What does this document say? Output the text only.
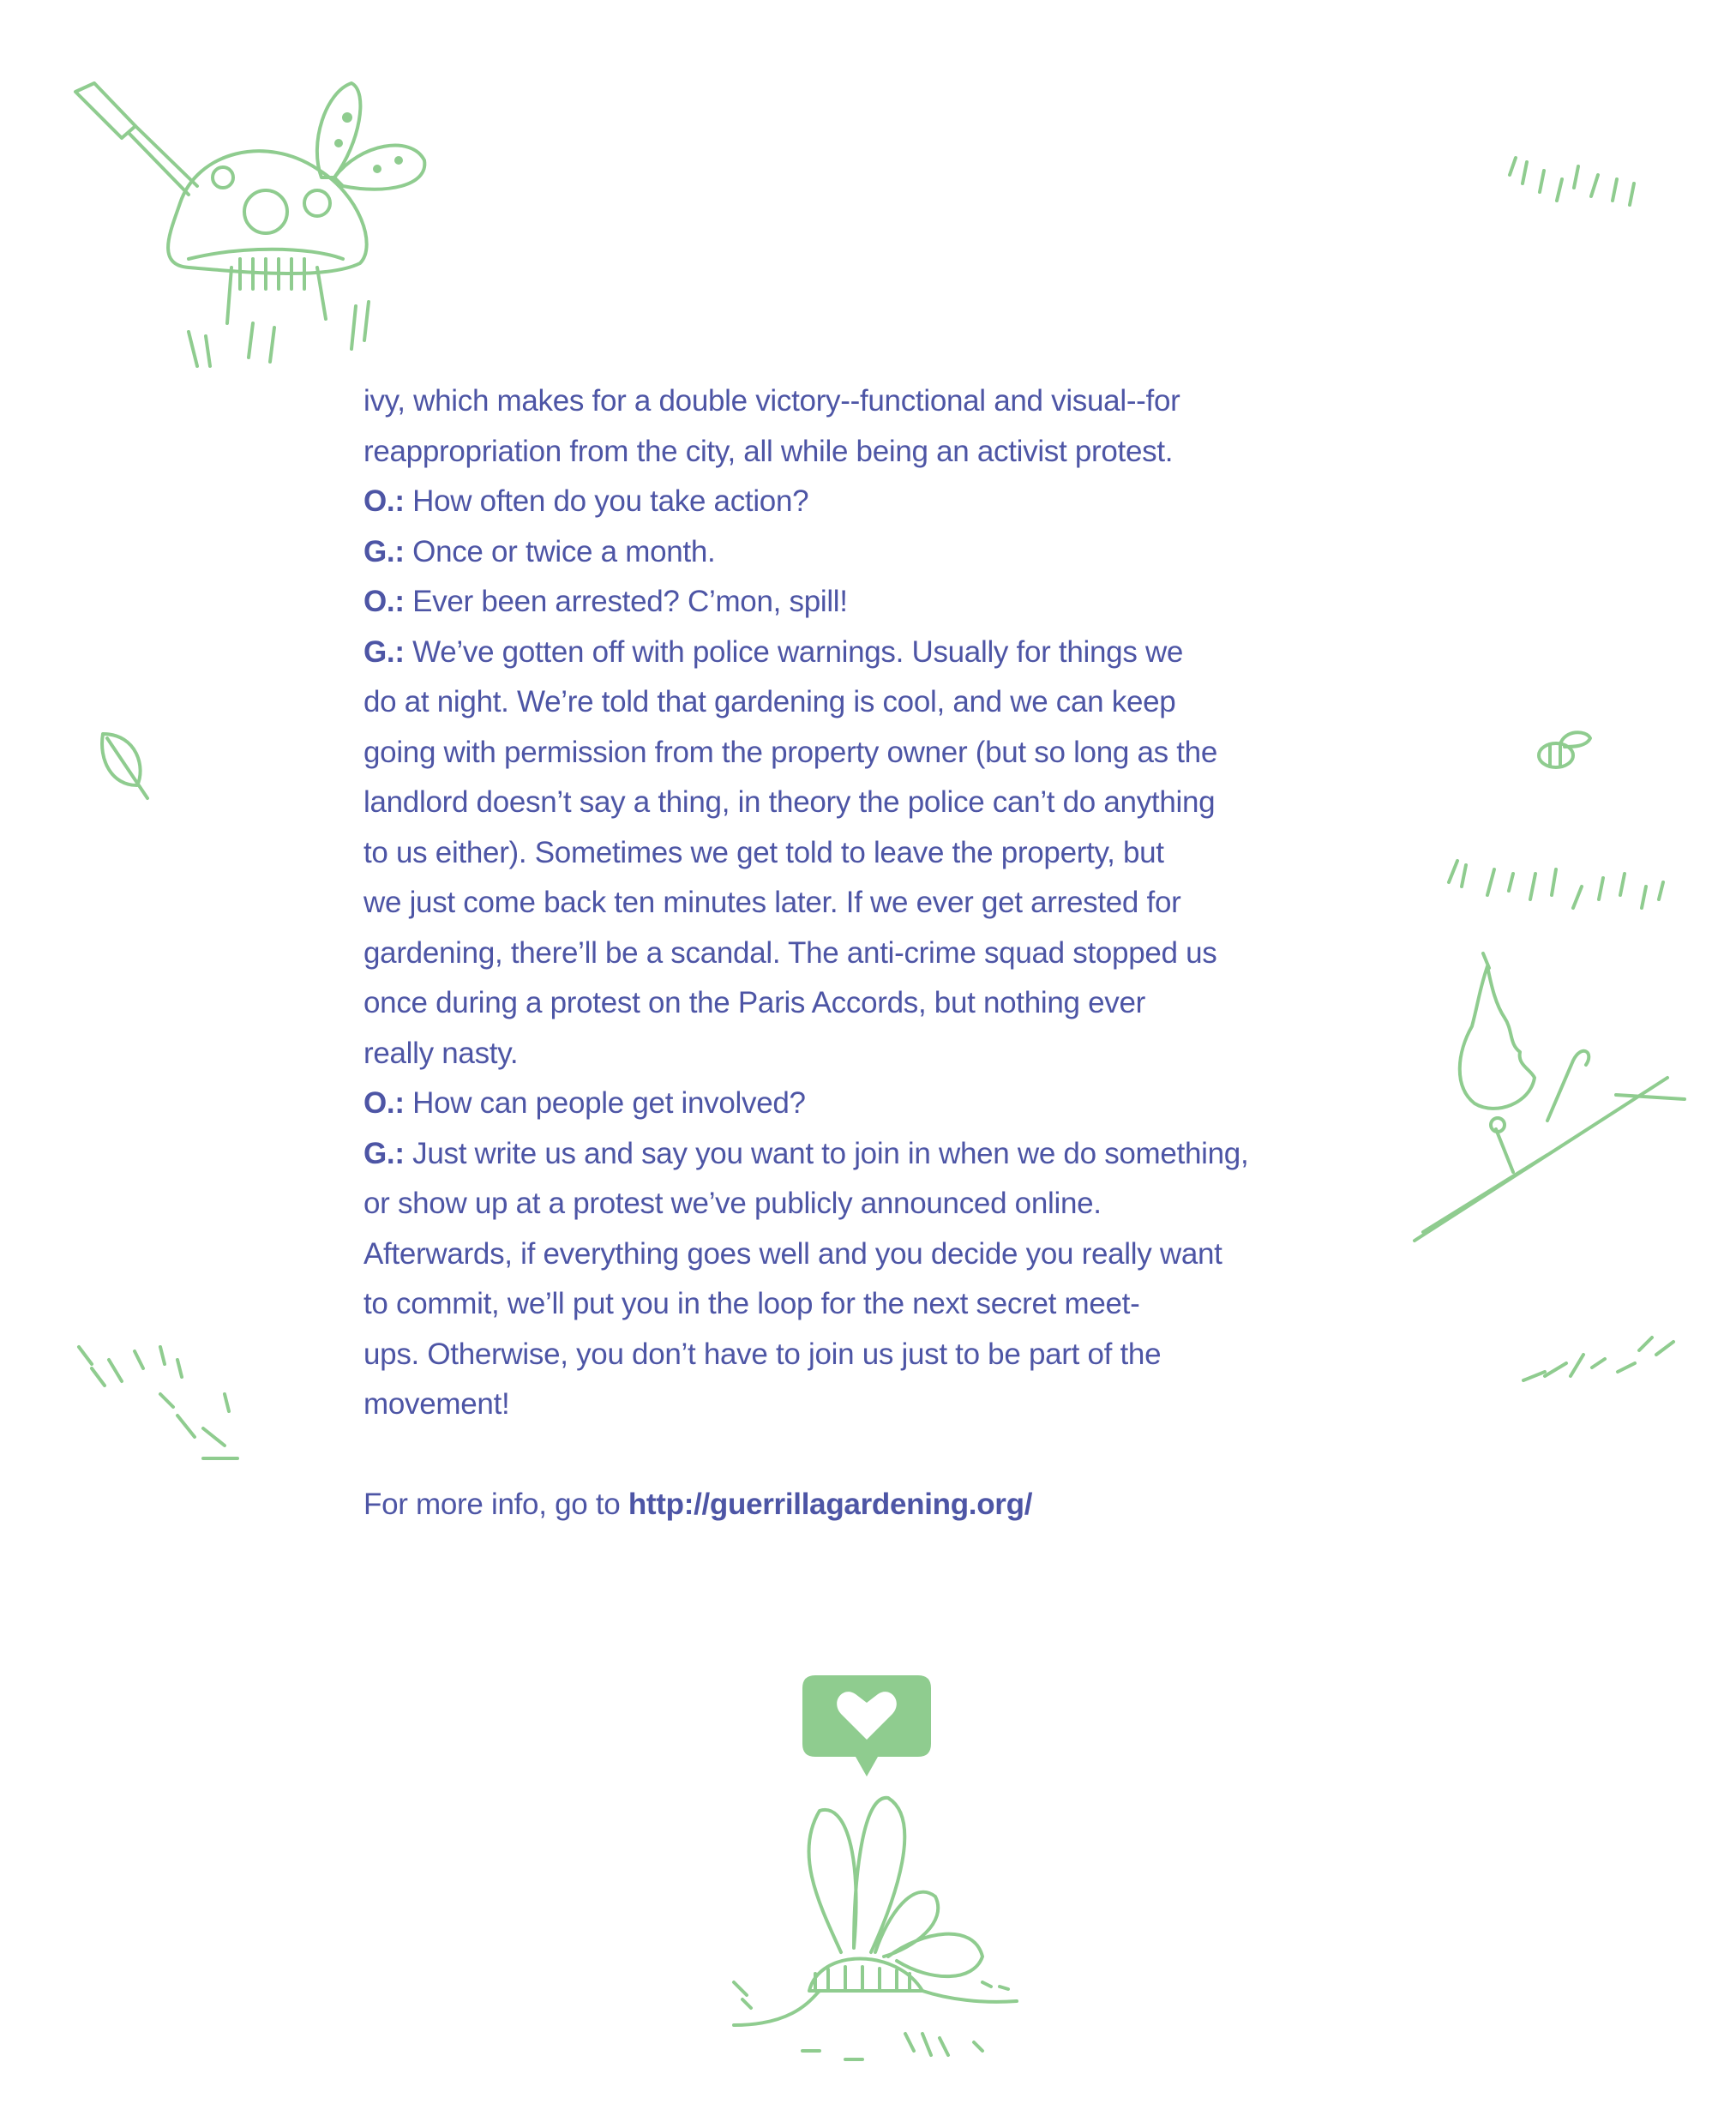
ivy, which makes for a double victory--functional and visual--for
reappropriation from the city, all while being an activist protest.
O.: How often do you take action?
G.: Once or twice a month.
O.: Ever been arrested? C’mon, spill!
G.: We’ve gotten off with police warnings. Usually for things we
do at night. We’re told that gardening is cool, and we can keep
going with permission from the property owner (but so long as the
landlord doesn’t say a thing, in theory the police can’t do anything
to us either). Sometimes we get told to leave the property, but
we just come back ten minutes later. If we ever get arrested for
gardening, there’ll be a scandal. The anti-crime squad stopped us
once during a protest on the Paris Accords, but nothing ever
really nasty.
O.: How can people get involved?
G.: Just write us and say you want to join in when we do something,
or show up at a protest we’ve publicly announced online.
Afterwards, if everything goes well and you decide you really want
to commit, we’ll put you in the loop for the next secret meet-
ups. Otherwise, you don’t have to join us just to be part of the
movement!
For more info, go to http://guerrillagardening.org/
